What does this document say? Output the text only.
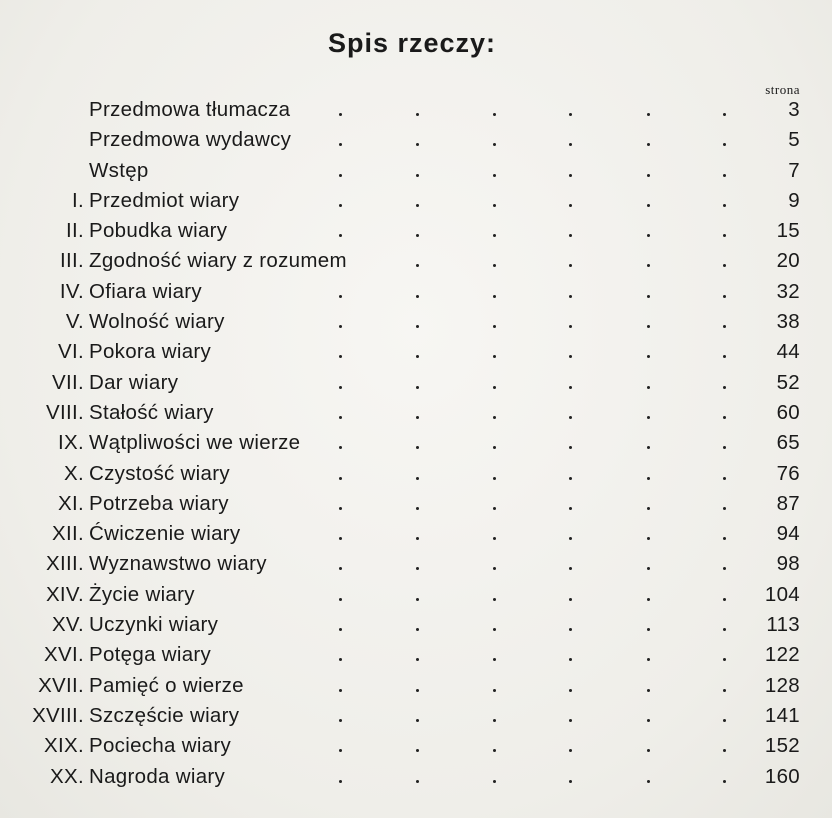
Spis rzeczy:
strona
Przedmowa tłumacza	3
Przedmowa wydawcy	5
Wstęp	7
I. Przedmiot wiary	9
II. Pobudka wiary	15
III. Zgodność wiary z rozumem	20
IV. Ofiara wiary	32
V. Wolność wiary	38
VI. Pokora wiary	44
VII. Dar wiary	52
VIII. Stałość wiary	60
IX. Wątpliwości we wierze	65
X. Czystość wiary	76
XI. Potrzeba wiary	87
XII. Ćwiczenie wiary	94
XIII. Wyznawstwo wiary	98
XIV. Życie wiary	104
XV. Uczynki wiary	113
XVI. Potęga wiary	122
XVII. Pamięć o wierze	128
XVIII. Szczęście wiary	141
XIX. Pociecha wiary	152
XX. Nagroda wiary	160
